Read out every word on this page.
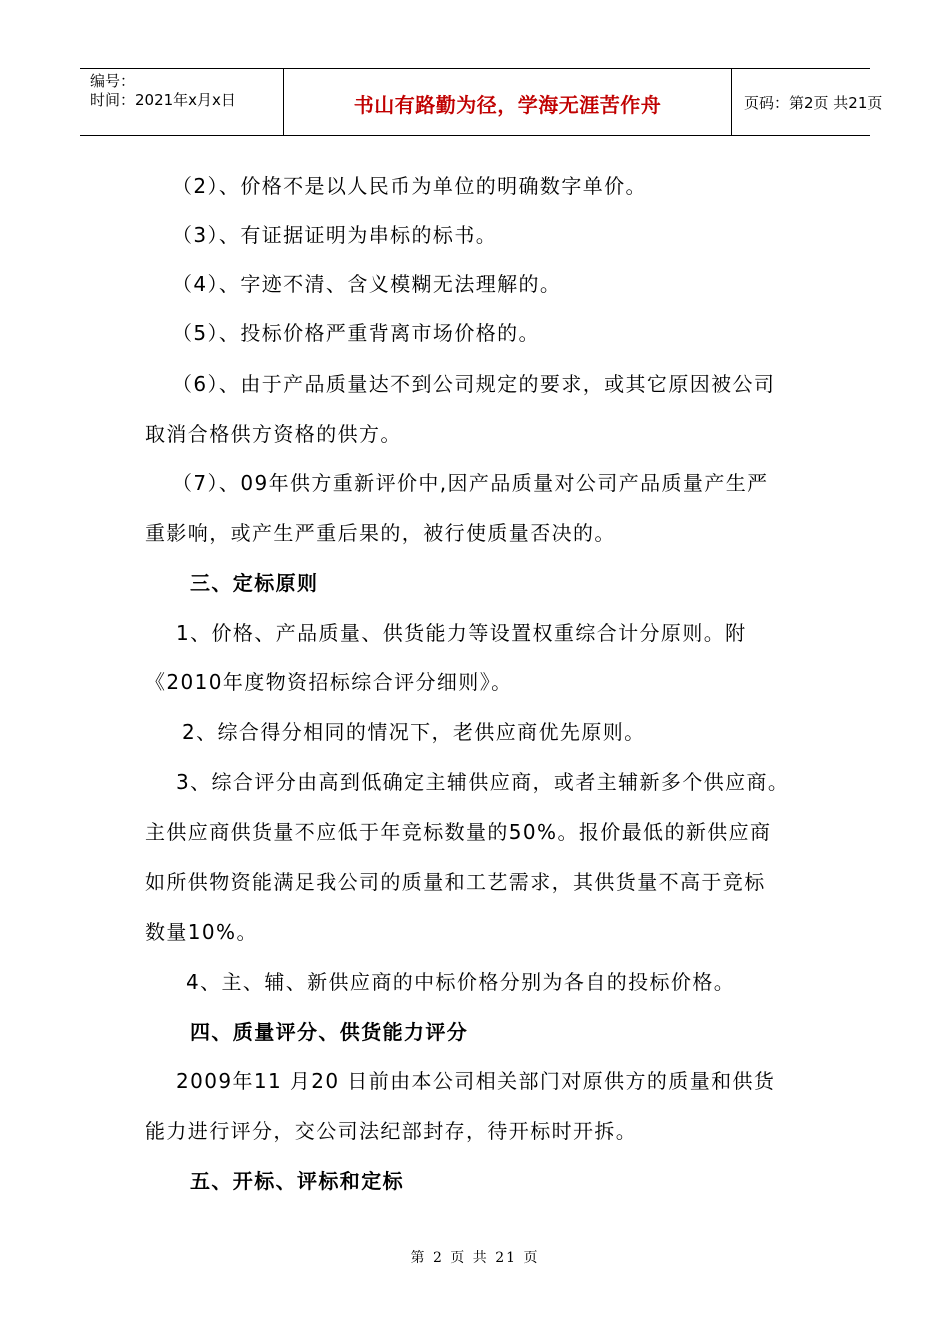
编号：
时间：2021年x月x日	书山有路勤为径，学海无涯苦作舟	页码：第2页 共21页
（2）、价格不是以人民币为单位的明确数字单价。
（3）、有证据证明为串标的标书。
（4）、字迹不清、含义模糊无法理解的。
（5）、投标价格严重背离市场价格的。
（6）、由于产品质量达不到公司规定的要求，或其它原因被公司
取消合格供方资格的供方。
（7）、09年供方重新评价中,因产品质量对公司产品质量产生严
重影响，或产生严重后果的，被行使质量否决的。
三、定标原则
1、价格、产品质量、供货能力等设置权重综合计分原则。附
《2010年度物资招标综合评分细则》。
2、综合得分相同的情况下，老供应商优先原则。
3、综合评分由高到低确定主辅供应商，或者主辅新多个供应商。
主供应商供货量不应低于年竞标数量的50%。报价最低的新供应商
如所供物资能满足我公司的质量和工艺需求，其供货量不高于竞标
数量10%。
4、主、辅、新供应商的中标价格分别为各自的投标价格。
四、质量评分、供货能力评分
2009年11 月20 日前由本公司相关部门对原供方的质量和供货
能力进行评分，交公司法纪部封存，待开标时开拆。
五、开标、评标和定标
第 2 页 共 21 页
